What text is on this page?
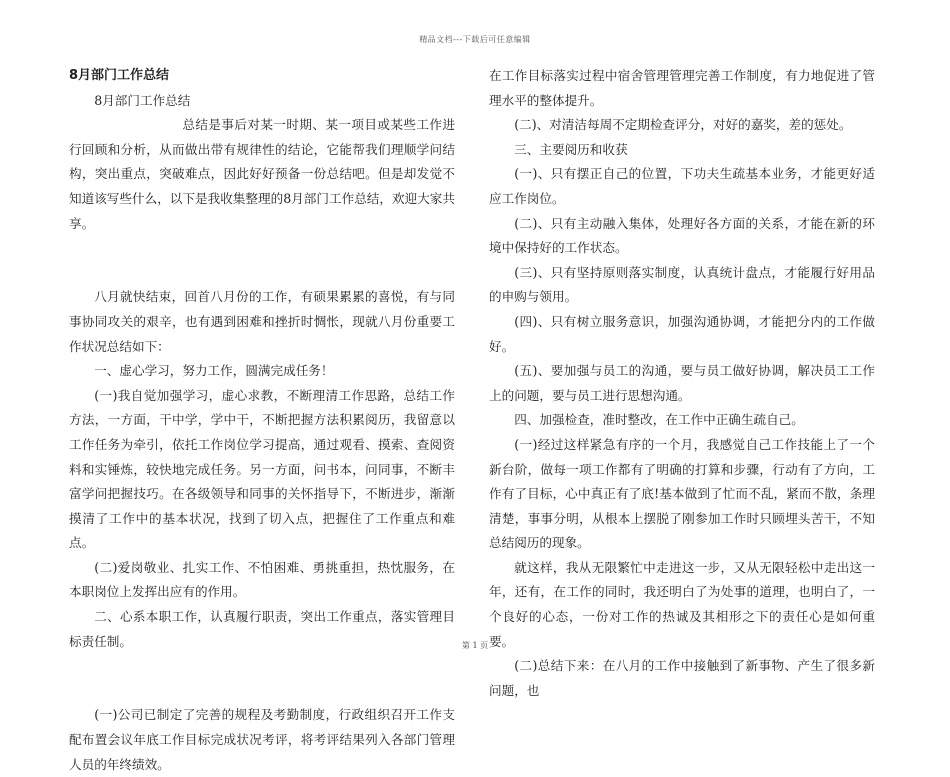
精品文档---下载后可任意编辑

8月部门工作总结

8月部门工作总结

总结是事后对某一时期、某一项目或某些工作进行回顾和分析，从而做出带有规律性的结论，它能帮我们理顺学问结构，突出重点，突破难点，因此好好预备一份总结吧。但是却发觉不知道该写些什么，以下是我收集整理的8月部门工作总结，欢迎大家共享。

八月就快结束，回首八月份的工作，有硕果累累的喜悦，有与同事协同攻关的艰辛，也有遇到困难和挫折时惆怅，现就八月份重要工作状况总结如下：

一、虚心学习，努力工作，圆满完成任务！

(一)我自觉加强学习，虚心求教，不断理清工作思路，总结工作方法，一方面，干中学，学中干，不断把握方法积累阅历，我留意以工作任务为牵引，依托工作岗位学习提高，通过观看、摸索、查阅资料和实锤炼，较快地完成任务。另一方面，问书本，问同事，不断丰富学问把握技巧。在各级领导和同事的关怀指导下，不断进步，渐渐摸清了工作中的基本状况，找到了切入点，把握住了工作重点和难点。

(二)爱岗敬业、扎实工作、不怕困难、勇挑重担，热忱服务，在本职岗位上发挥出应有的作用。

二、心系本职工作，认真履行职责，突出工作重点，落实管理目标责任制。

(一)公司已制定了完善的规程及考勤制度，行政组织召开工作支配布置会议年底工作目标完成状况考评，将考评结果列入各部门管理人员的年终绩效。

在工作目标落实过程中宿舍管理管理完善工作制度，有力地促进了管理水平的整体提升。

(二)、对清洁每周不定期检查评分，对好的嘉奖，差的惩处。

三、主要阅历和收获

(一)、只有摆正自己的位置，下功夫生疏基本业务，才能更好适应工作岗位。

(二)、只有主动融入集体，处理好各方面的关系，才能在新的环境中保持好的工作状态。

(三)、只有坚持原则落实制度，认真统计盘点，才能履行好用品的申购与领用。

(四)、只有树立服务意识，加强沟通协调，才能把分内的工作做好。

(五)、要加强与员工的沟通，要与员工做好协调，解决员工工作上的问题，要与员工进行思想沟通。

四、加强检查，准时整改，在工作中正确生疏自己。

(一)经过这样紧急有序的一个月，我感觉自己工作技能上了一个新台阶，做每一项工作都有了明确的打算和步骤，行动有了方向，工作有了目标，心中真正有了底!基本做到了忙而不乱，紧而不散，条理清楚，事事分明，从根本上摆脱了刚参加工作时只顾埋头苦干，不知总结阅历的现象。

就这样，我从无限繁忙中走进这一步，又从无限轻松中走出这一年，还有，在工作的同时，我还明白了为处事的道理，也明白了，一个良好的心态，一份对工作的热诚及其相形之下的责任心是如何重要。

(二)总结下来：在八月的工作中接触到了新事物、产生了很多新问题，也

第 1 页
